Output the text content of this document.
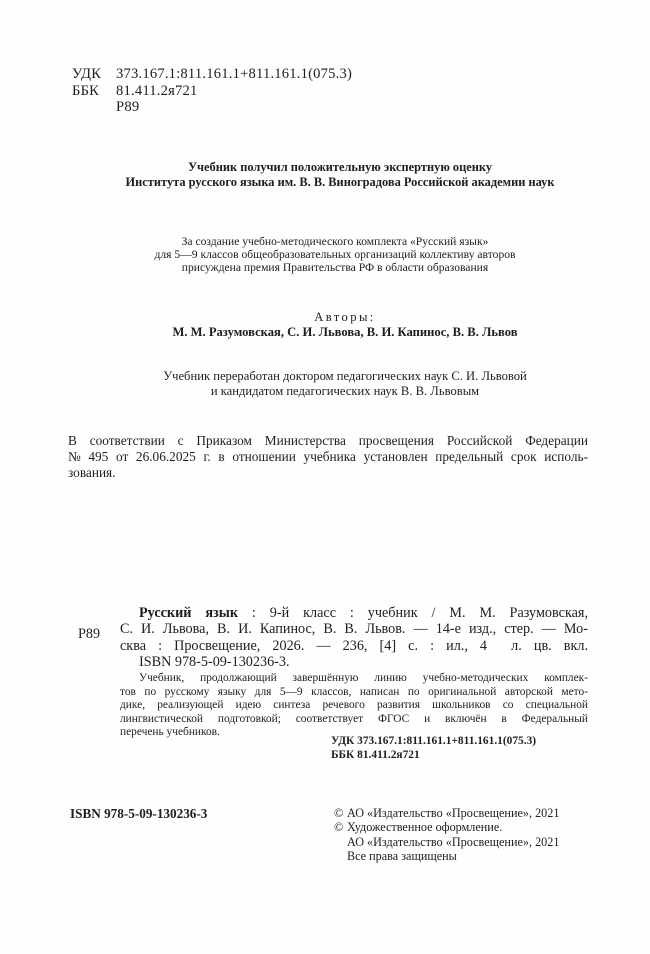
УДК	373.167.1:811.161.1+811.161.1(075.3)
ББК	81.411.2я721
Р89
Учебник получил положительную экспертную оценку
Института русского языка им. В. В. Виноградова Российской академии наук
За создание учебно-методического комплекта «Русский язык»
для 5—9 классов общеобразовательных организаций коллективу авторов
присуждена премия Правительства РФ в области образования
Авторы:
М. М. Разумовская, С. И. Львова, В. И. Капинос, В. В. Львов
Учебник переработан доктором педагогических наук С. И. Львовой
и кандидатом педагогических наук В. В. Львовым
В соответствии с Приказом Министерства просвещения Российской Федерации
№ 495 от 26.06.2025 г. в отношении учебника установлен предельный срок исполь-
зования.
Р89
Русский язык : 9-й класс : учебник / М. М. Разумовская,
С. И. Львова, В. И. Капинос, В. В. Львов. — 14-е изд., стер. — Мо-
сква : Просвещение, 2026. — 236, [4] с. : ил., 4  л. цв. вкл.
ISBN 978-5-09-130236-3.
Учебник, продолжающий завершённую линию учебно-методических комплек-
тов по русскому языку для 5—9 классов, написан по оригинальной авторской мето-
дике, реализующей идею синтеза речевого развития школьников со специальной
лингвистической подготовкой; соответствует ФГОС и включён в Федеральный
перечень учебников.
УДК 373.167.1:811.161.1+811.161.1(075.3)
ББК 81.411.2я721
ISBN 978-5-09-130236-3	© АО «Издательство «Просвещение», 2021
© Художественное оформление.
АО «Издательство «Просвещение», 2021
Все права защищены
